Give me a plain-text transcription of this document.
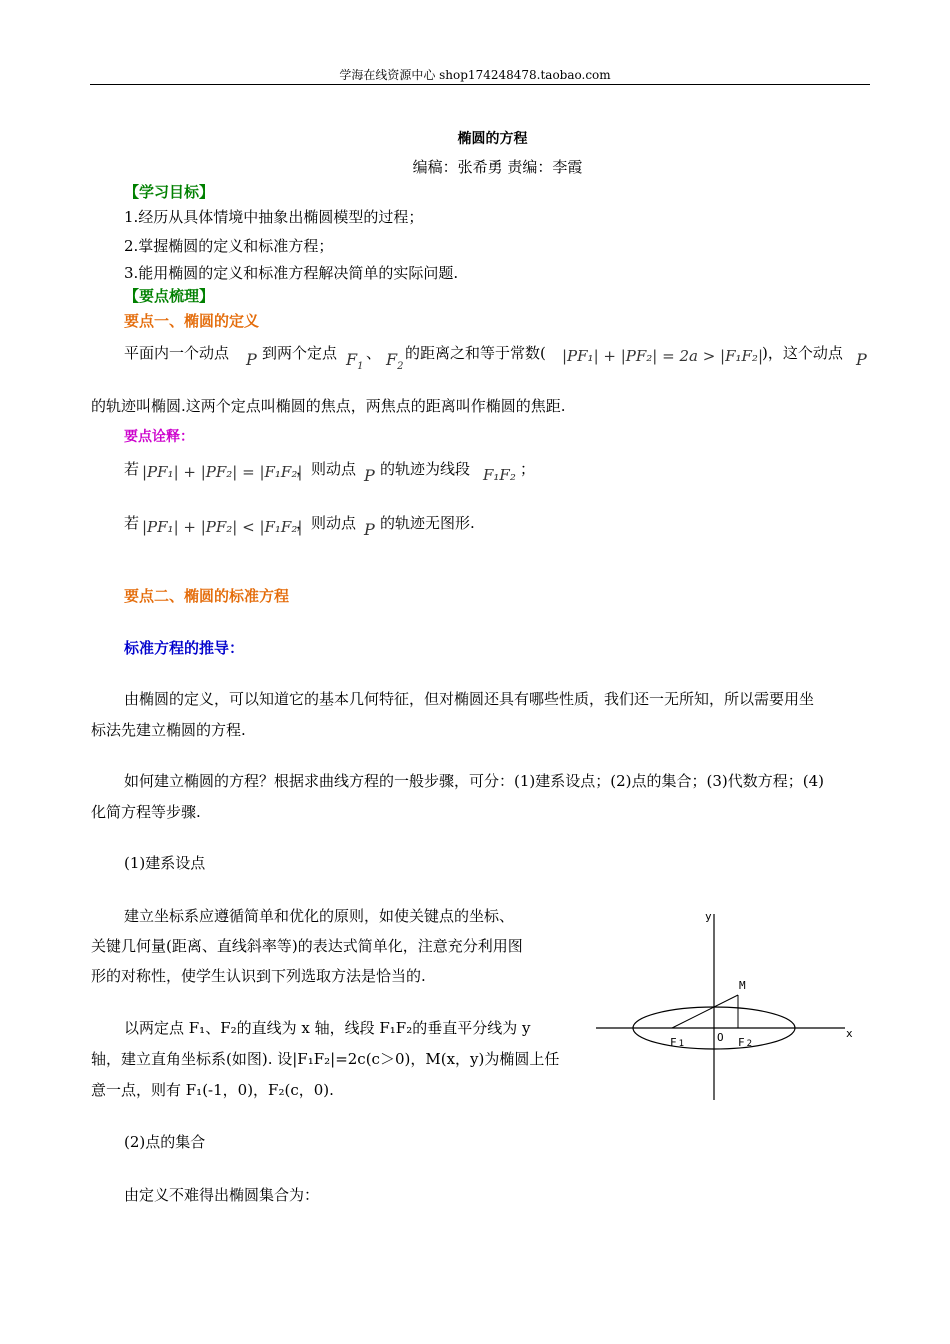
学海在线资源中心 shop174248478.taobao.com
椭圆的方程
编稿：张希勇 责编：李霞
【学习目标】
1.经历从具体情境中抽象出椭圆模型的过程；
2.掌握椭圆的定义和标准方程；
3.能用椭圆的定义和标准方程解决简单的实际问题.
【要点梳理】
要点一、椭圆的定义
平面内一个动点 P 到两个定点 $F_1$
、 $F_2$
的距离之和等于常数( |PF₁| + |PF₂| = 2a > |F₁F₂| )，这个动点 P
的轨迹叫椭圆.这两个定点叫椭圆的焦点，两焦点的距离叫作椭圆的焦距.
要点诠释：
若 |PF₁| + |PF₂| = |F₁F₂|
，则动点 P 的轨迹为线段 F₁F₂ ；
若 |PF₁| + |PF₂| < |F₁F₂|
，则动点 P 的轨迹无图形.
要点二、椭圆的标准方程
标准方程的推导：
由椭圆的定义，可以知道它的基本几何特征，但对椭圆还具有哪些性质，我们还一无所知，所以需要用坐
标法先建立椭圆的方程.
如何建立椭圆的方程？根据求曲线方程的一般步骤，可分：(1)建系设点；(2)点的集合；(3)代数方程；(4)
化简方程等步骤.
(1)建系设点
建立坐标系应遵循简单和优化的原则，如使关键点的坐标、
关键几何量(距离、直线斜率等)的表达式简单化，注意充分利用图
形的对称性，使学生认识到下列选取方法是恰当的.
以两定点 F₁、F₂的直线为 x 轴，线段 F₁F₂的垂直平分线为 y
轴，建立直角坐标系(如图). 设|F₁F₂|=2c(c＞0)，M(x，y)为椭圆上任
意一点，则有 F₁(-1，0)，F₂(c，0).
(2)点的集合
由定义不难得出椭圆集合为：
y
x
M
O
F 1	F 2
